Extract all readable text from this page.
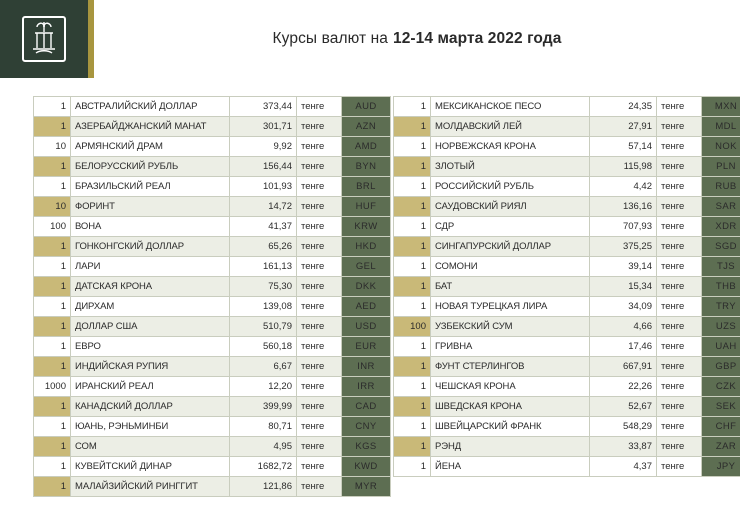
Курсы валют на 12-14 марта 2022 года
1	АВСТРАЛИЙСКИЙ ДОЛЛАР	373,44	тенге	AUD
1	АЗЕРБАЙДЖАНСКИЙ МАНАТ	301,71	тенге	AZN
10	АРМЯНСКИЙ ДРАМ	9,92	тенге	AMD
1	БЕЛОРУССКИЙ РУБЛЬ	156,44	тенге	BYN
1	БРАЗИЛЬСКИЙ РЕАЛ	101,93	тенге	BRL
10	ФОРИНТ	14,72	тенге	HUF
100	ВОНА	41,37	тенге	KRW
1	ГОНКОНГСКИЙ ДОЛЛАР	65,26	тенге	HKD
1	ЛАРИ	161,13	тенге	GEL
1	ДАТСКАЯ КРОНА	75,30	тенге	DKK
1	ДИРХАМ	139,08	тенге	AED
1	ДОЛЛАР США	510,79	тенге	USD
1	ЕВРО	560,18	тенге	EUR
1	ИНДИЙСКАЯ РУПИЯ	6,67	тенге	INR
1000	ИРАНСКИЙ РЕАЛ	12,20	тенге	IRR
1	КАНАДСКИЙ ДОЛЛАР	399,99	тенге	CAD
1	ЮАНЬ, РЭНЬМИНБИ	80,71	тенге	CNY
1	СОМ	4,95	тенге	KGS
1	КУВЕЙТСКИЙ ДИНАР	1682,72	тенге	KWD
1	МАЛАЙЗИЙСКИЙ РИНГГИТ	121,86	тенге	MYR
1	МЕКСИКАНСКОЕ ПЕСО	24,35	тенге	MXN
1	МОЛДАВСКИЙ ЛЕЙ	27,91	тенге	MDL
1	НОРВЕЖСКАЯ КРОНА	57,14	тенге	NOK
1	ЗЛОТЫЙ	115,98	тенге	PLN
1	РОССИЙСКИЙ РУБЛЬ	4,42	тенге	RUB
1	САУДОВСКИЙ РИЯЛ	136,16	тенге	SAR
1	СДР	707,93	тенге	XDR
1	СИНГАПУРСКИЙ ДОЛЛАР	375,25	тенге	SGD
1	СОМОНИ	39,14	тенге	TJS
1	БАТ	15,34	тенге	THB
1	НОВАЯ ТУРЕЦКАЯ ЛИРА	34,09	тенге	TRY
100	УЗБЕКСКИЙ СУМ	4,66	тенге	UZS
1	ГРИВНА	17,46	тенге	UAH
1	ФУНТ СТЕРЛИНГОВ	667,91	тенге	GBP
1	ЧЕШСКАЯ КРОНА	22,26	тенге	CZK
1	ШВЕДСКАЯ КРОНА	52,67	тенге	SEK
1	ШВЕЙЦАРСКИЙ ФРАНК	548,29	тенге	CHF
1	РЭНД	33,87	тенге	ZAR
1	ЙЕНА	4,37	тенге	JPY
